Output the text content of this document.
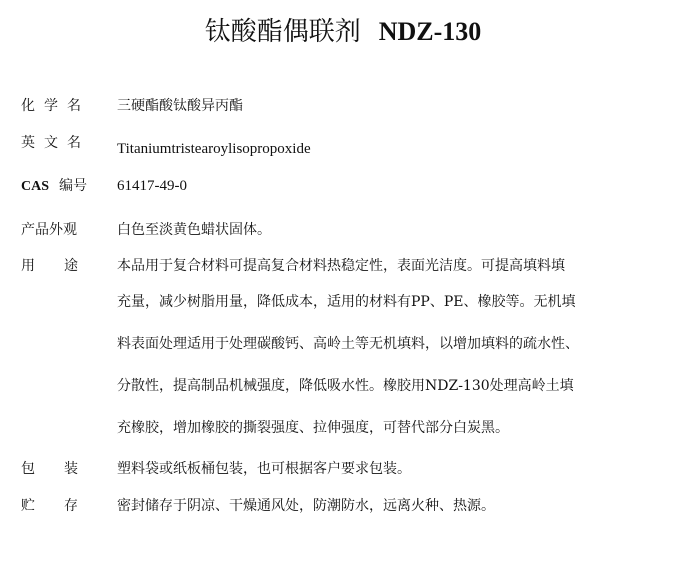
钛酸酯偶联剂 NDZ-130
化学名 三硬酯酸钛酸异丙酯
英文名 Titaniumtristearoylisopropoxide
CAS 编号 61417-49-0
产品外观	白色至淡黄色蜡状固体。
用途 本品用于复合材料可提高复合材料热稳定性，表面光洁度。可提高填料填
充量，减少树脂用量，降低成本，适用的材料有PP、PE、橡胶等。无机填
料表面处理适用于处理碳酸钙、高岭土等无机填料，以增加填料的疏水性、
分散性，提高制品机械强度，降低吸水性。橡胶用NDZ-130处理高岭土填
充橡胶，增加橡胶的撕裂强度、拉伸强度，可替代部分白炭黑。
包装 塑料袋或纸板桶包装，也可根据客户要求包装。
贮存 密封储存于阴凉、干燥通风处，防潮防水，远离火种、热源。
